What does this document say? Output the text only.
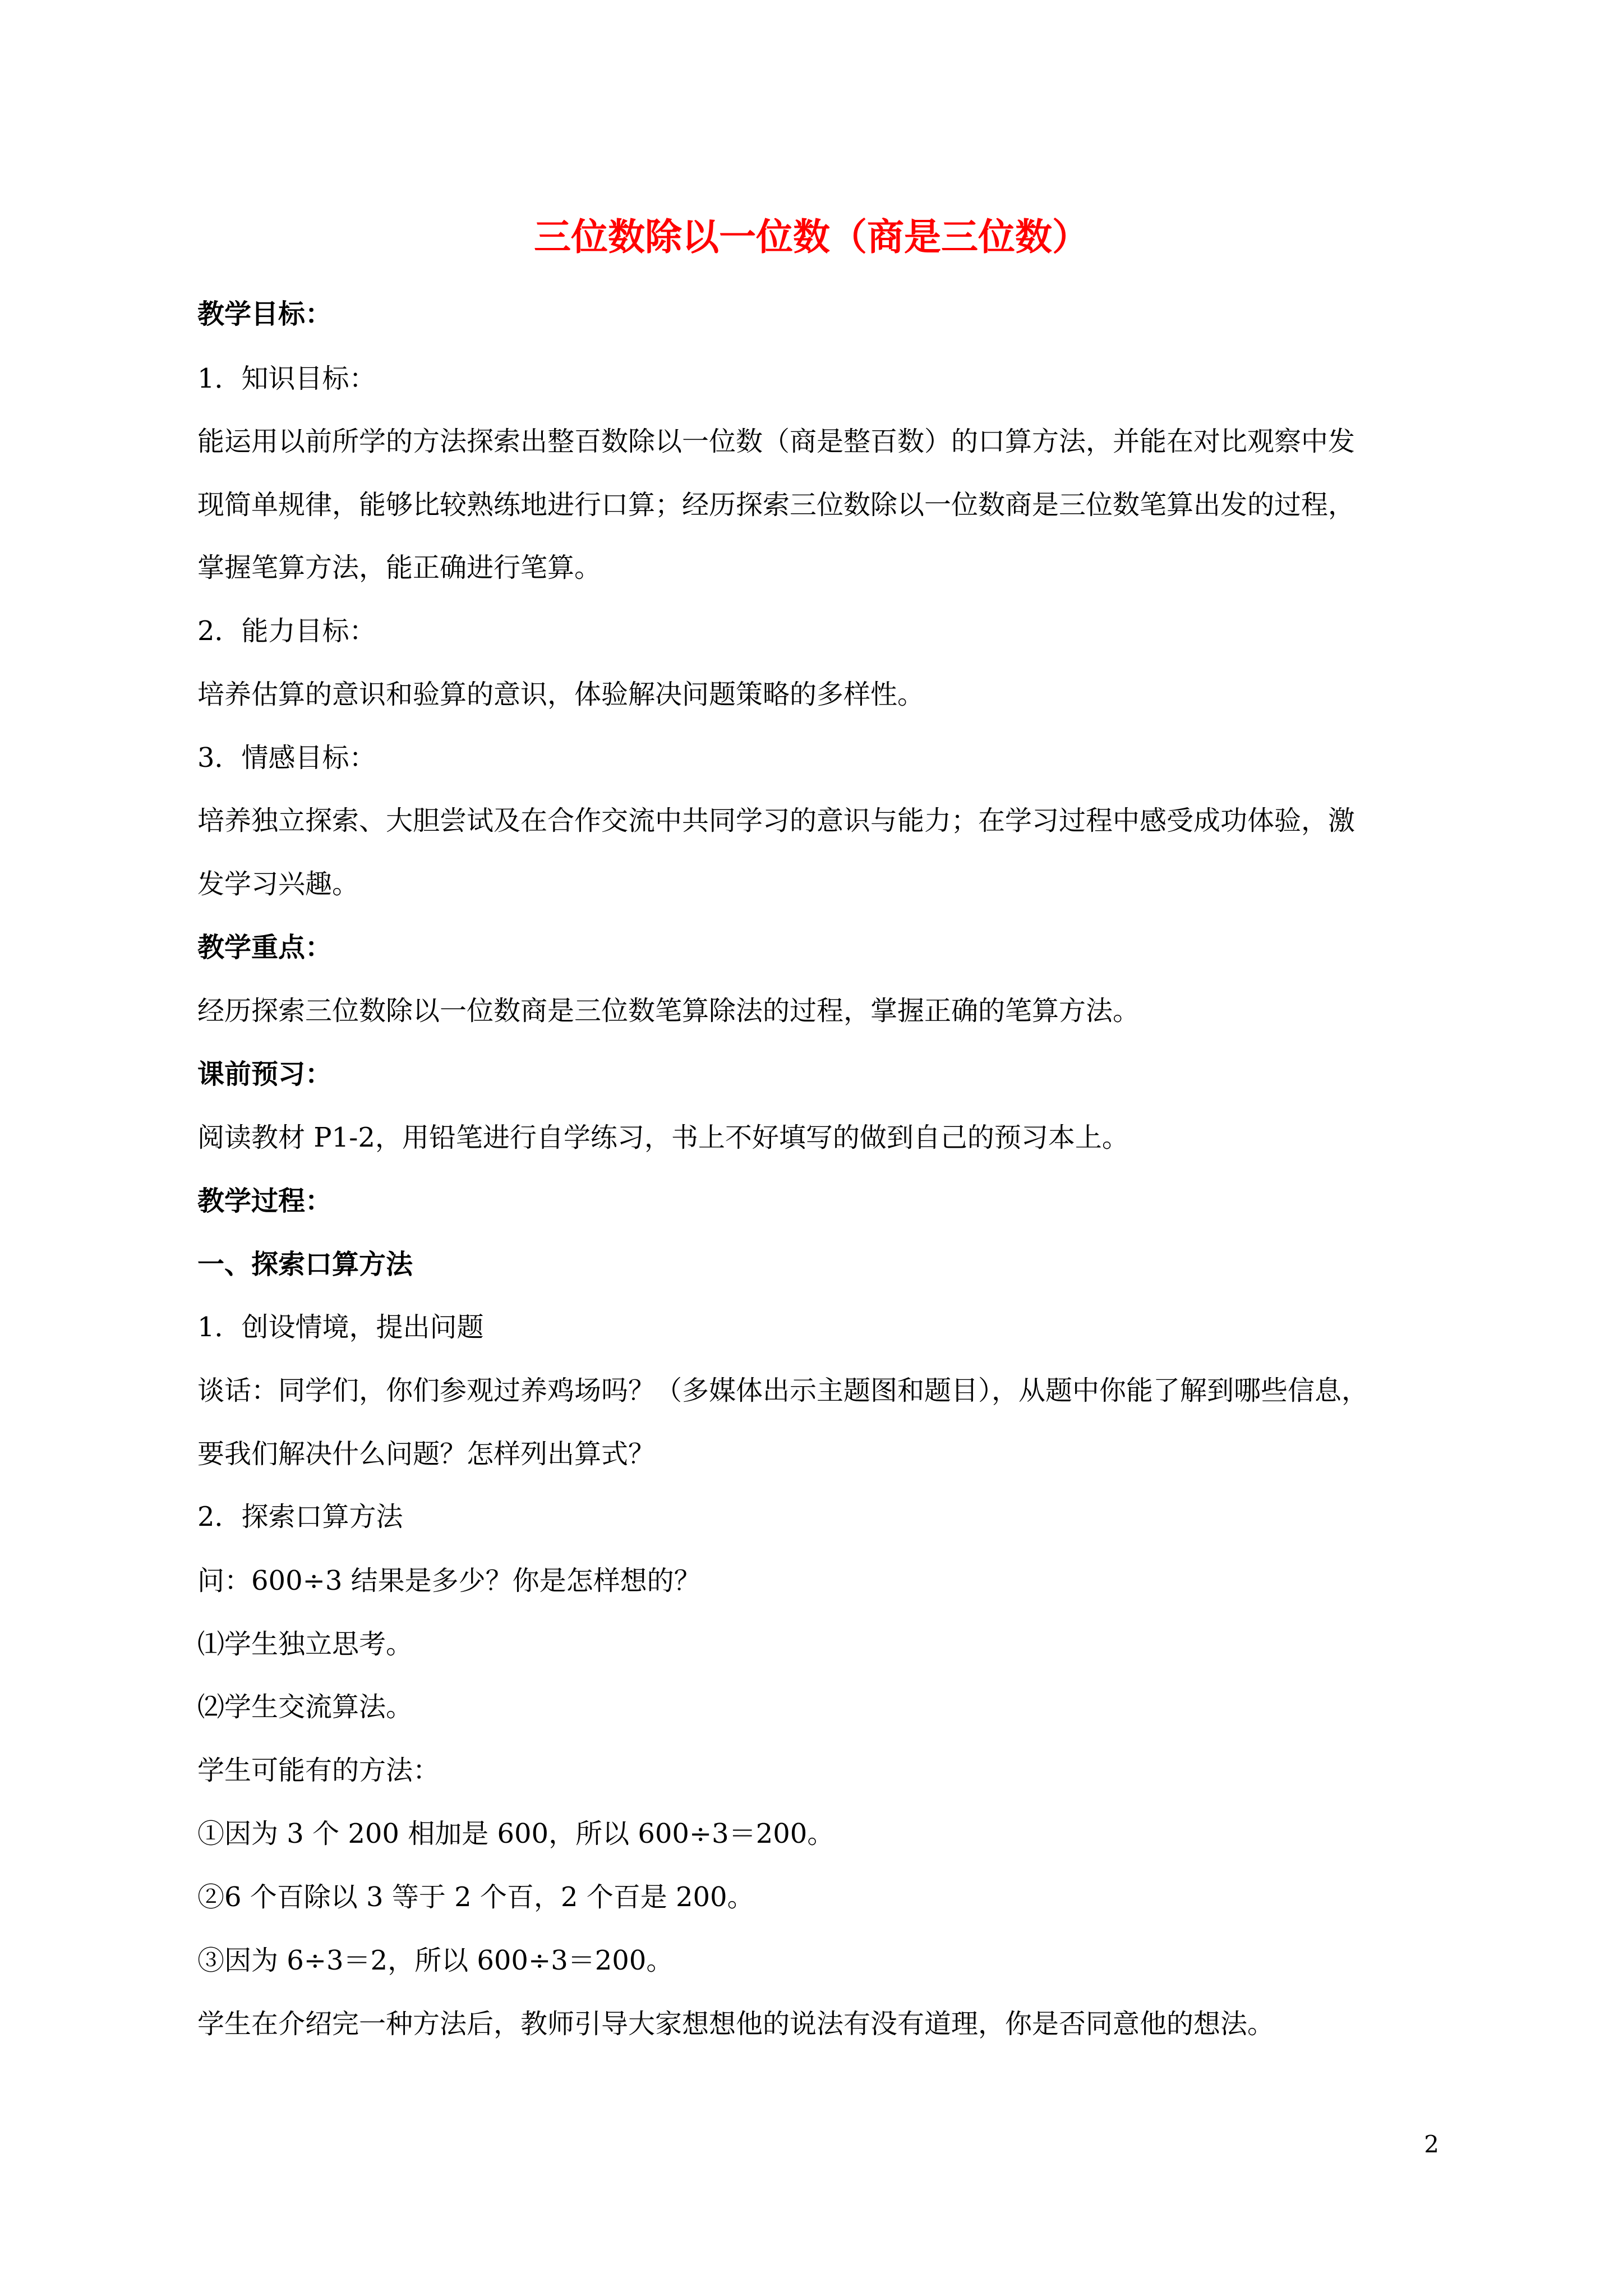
三位数除以一位数（商是三位数）
教学目标：
1．知识目标：
能运用以前所学的方法探索出整百数除以一位数（商是整百数）的口算方法，并能在对比观察中发
现简单规律，能够比较熟练地进行口算；经历探索三位数除以一位数商是三位数笔算出发的过程，
掌握笔算方法，能正确进行笔算。
2．能力目标：
培养估算的意识和验算的意识，体验解决问题策略的多样性。
3．情感目标：
培养独立探索、大胆尝试及在合作交流中共同学习的意识与能力；在学习过程中感受成功体验，激
发学习兴趣。
教学重点：
经历探索三位数除以一位数商是三位数笔算除法的过程，掌握正确的笔算方法。
课前预习：
阅读教材 P1-2，用铅笔进行自学练习，书上不好填写的做到自己的预习本上。
教学过程：
一、探索口算方法
1．创设情境，提出问题
谈话：同学们，你们参观过养鸡场吗？（多媒体出示主题图和题目），从题中你能了解到哪些信息，
要我们解决什么问题？怎样列出算式？
2．探索口算方法
问：600÷3 结果是多少？你是怎样想的？
⑴学生独立思考。
⑵学生交流算法。
学生可能有的方法：
①因为 3 个 200 相加是 600，所以 600÷3＝200。
②6 个百除以 3 等于 2 个百，2 个百是 200。
③因为 6÷3＝2，所以 600÷3＝200。
学生在介绍完一种方法后，教师引导大家想想他的说法有没有道理，你是否同意他的想法。
2
